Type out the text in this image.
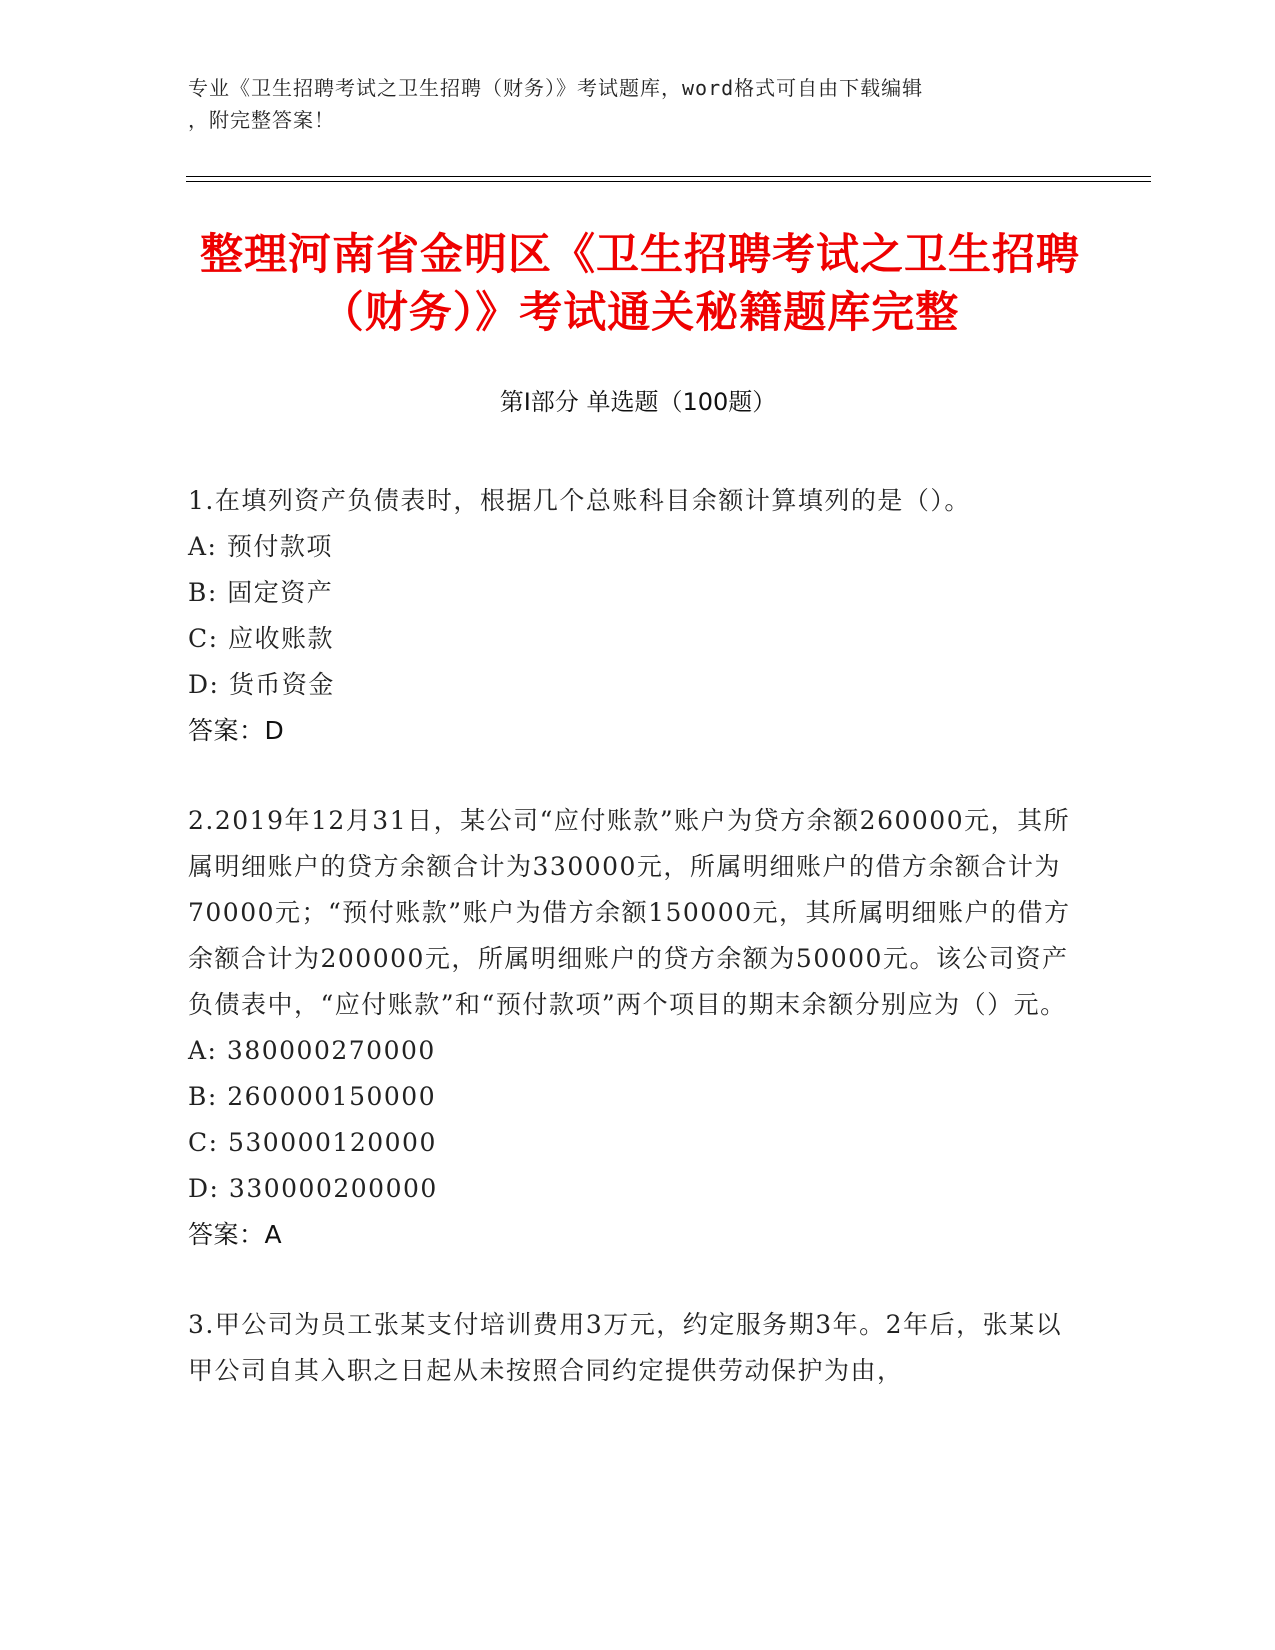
专业《卫生招聘考试之卫生招聘（财务）》考试题库，word格式可自由下载编辑
，附完整答案！
整理河南省金明区《卫生招聘考试之卫生招聘（财务）》考试通关秘籍题库完整
第Ⅰ部分 单选题（100题）

1.在填列资产负债表时，根据几个总账科目余额计算填列的是（）。

A: 预付款项

B: 固定资产

C: 应收账款

D: 货币资金

答案：D

2.2019年12月31日，某公司“应付账款”账户为贷方余额260000元，其所属明细账户的贷方余额合计为330000元，所属明细账户的借方余额合计为70000元；“预付账款”账户为借方余额150000元，其所属明细账户的借方余额合计为200000元，所属明细账户的贷方余额为50000元。该公司资产负债表中，“应付账款”和“预付款项”两个项目的期末余额分别应为（）元。

A: 380000270000

B: 260000150000

C: 530000120000

D: 330000200000

答案：A

3.甲公司为员工张某支付培训费用3万元，约定服务期3年。2年后，张某以甲公司自其入职之日起从未按照合同约定提供劳动保护为由，
